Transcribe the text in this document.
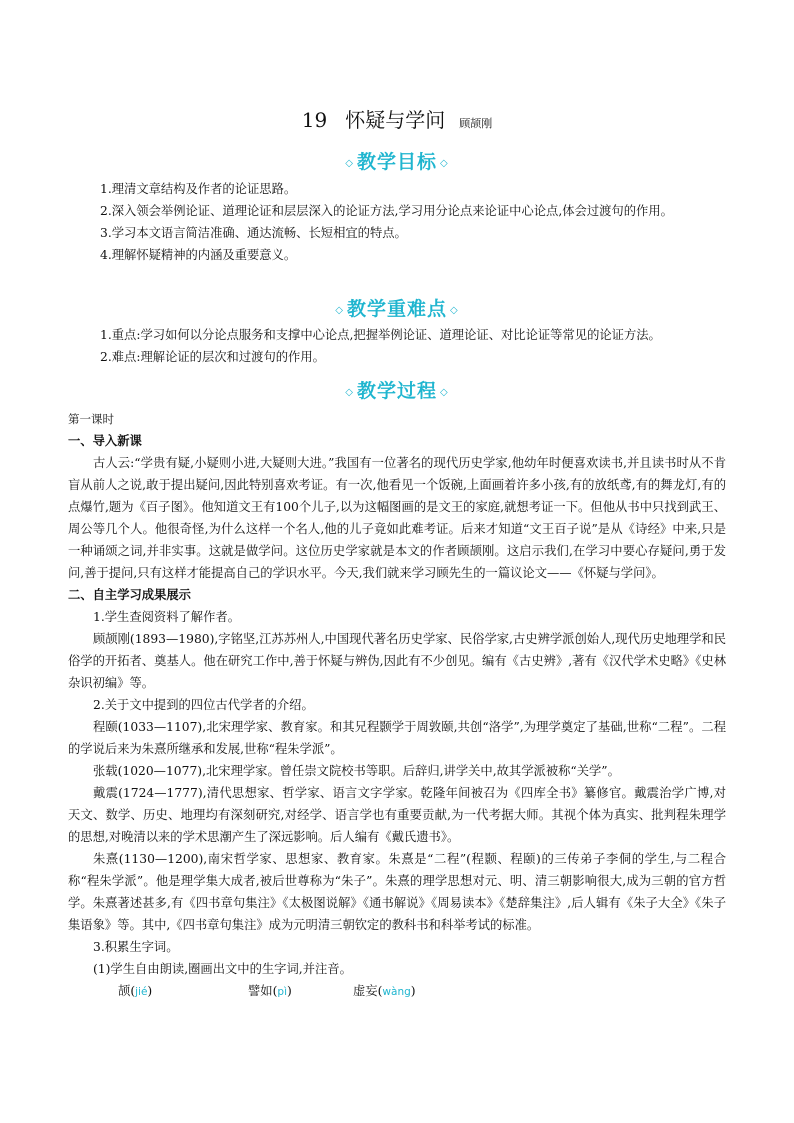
19 怀疑与学问 顾颉刚
◇ 教学目标 ◇

1.理清文章结构及作者的论证思路。

2.深入领会举例论证、道理论证和层层深入的论证方法,学习用分论点来论证中心论点,体会过渡句的作用。

3.学习本文语言简洁准确、通达流畅、长短相宜的特点。

4.理解怀疑精神的内涵及重要意义。

◇ 教学重难点 ◇

1.重点:学习如何以分论点服务和支撑中心论点,把握举例论证、道理论证、对比论证等常见的论证方法。

2.难点:理解论证的层次和过渡句的作用。

◇ 教学过程 ◇

第一课时

一、导入新课

古人云:“学贵有疑,小疑则小进,大疑则大进。”我国有一位著名的现代历史学家,他幼年时便喜欢读书,并且读书时从不肯盲从前人之说,敢于提出疑问,因此特别喜欢考证。有一次,他看见一个饭碗,上面画着许多小孩,有的放纸鸢,有的舞龙灯,有的点爆竹,题为《百子图》。他知道文王有100个儿子,以为这幅图画的是文王的家庭,就想考证一下。但他从书中只找到武王、周公等几个人。他很奇怪,为什么这样一个名人,他的儿子竟如此难考证。后来才知道“文王百子说”是从《诗经》中来,只是一种诵颂之词,并非实事。这就是做学问。这位历史学家就是本文的作者顾颉刚。这启示我们,在学习中要心存疑问,勇于发问,善于提问,只有这样才能提高自己的学识水平。今天,我们就来学习顾先生的一篇议论文——《怀疑与学问》。

二、自主学习成果展示

1.学生查阅资料了解作者。

顾颉刚(1893—1980),字铭坚,江苏苏州人,中国现代著名历史学家、民俗学家,古史辨学派创始人,现代历史地理学和民俗学的开拓者、奠基人。他在研究工作中,善于怀疑与辨伪,因此有不少创见。编有《古史辨》,著有《汉代学术史略》《史林杂识初编》等。

2.关于文中提到的四位古代学者的介绍。

程颐(1033—1107),北宋理学家、教育家。和其兄程颢学于周敦颐,共创“洛学”,为理学奠定了基础,世称“二程”。二程的学说后来为朱熹所继承和发展,世称“程朱学派”。

张载(1020—1077),北宋理学家。曾任崇文院校书等职。后辞归,讲学关中,故其学派被称“关学”。

戴震(1724—1777),清代思想家、哲学家、语言文字学家。乾隆年间被召为《四库全书》纂修官。戴震治学广博,对天文、数学、历史、地理均有深刻研究,对经学、语言学也有重要贡献,为一代考据大师。其视个体为真实、批判程朱理学的思想,对晚清以来的学术思潮产生了深远影响。后人编有《戴氏遗书》。

朱熹(1130—1200),南宋哲学家、思想家、教育家。朱熹是“二程”(程颢、程颐)的三传弟子李侗的学生,与二程合称“程朱学派”。他是理学集大成者,被后世尊称为“朱子”。朱熹的理学思想对元、明、清三朝影响很大,成为三朝的官方哲学。朱熹著述甚多,有《四书章句集注》《太极图说解》《通书解说》《周易读本》《楚辞集注》,后人辑有《朱子大全》《朱子集语象》等。其中,《四书章句集注》成为元明清三朝钦定的教科书和科举考试的标准。

3.积累生字词。

(1)学生自由朗读,圈画出文中的生字词,并注音。

颉(jié)	譬如(pì)	虚妄(wàng)
